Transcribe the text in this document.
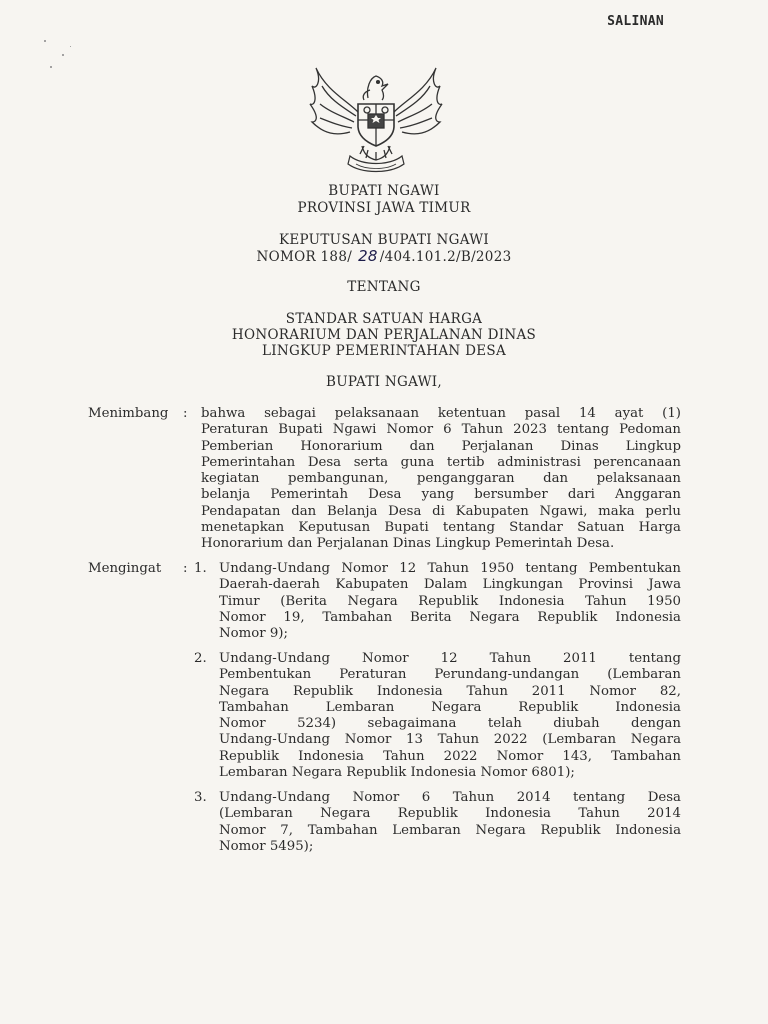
SALINAN
BUPATI NGAWI
PROVINSI JAWA TIMUR
KEPUTUSAN BUPATI NGAWI
NOMOR 188/ 28 /404.101.2/B/2023
TENTANG
STANDAR SATUAN HARGA
HONORARIUM DAN PERJALANAN DINAS
LINGKUP PEMERINTAHAN DESA
BUPATI NGAWI,
Menimbang : bahwa sebagai pelaksanaan ketentuan pasal 14 ayat (1)
Peraturan Bupati Ngawi Nomor 6 Tahun 2023 tentang Pedoman
Pemberian Honorarium dan Perjalanan Dinas Lingkup
Pemerintahan Desa serta guna tertib administrasi perencanaan
kegiatan pembangunan, penganggaran dan pelaksanaan
belanja Pemerintah Desa yang bersumber dari Anggaran
Pendapatan dan Belanja Desa di Kabupaten Ngawi, maka perlu
menetapkan Keputusan Bupati tentang Standar Satuan Harga
Honorarium dan Perjalanan Dinas Lingkup Pemerintah Desa.
Mengingat : 1. Undang-Undang Nomor 12 Tahun 1950 tentang Pembentukan
Daerah-daerah Kabupaten Dalam Lingkungan Provinsi Jawa
Timur (Berita Negara Republik Indonesia Tahun 1950
Nomor 19, Tambahan Berita Negara Republik Indonesia
Nomor 9);
2. Undang-Undang Nomor 12 Tahun 2011 tentang
Pembentukan Peraturan Perundang-undangan (Lembaran
Negara Republik Indonesia Tahun 2011 Nomor 82,
Tambahan Lembaran Negara Republik Indonesia
Nomor 5234) sebagaimana telah diubah dengan
Undang-Undang Nomor 13 Tahun 2022 (Lembaran Negara
Republik Indonesia Tahun 2022 Nomor 143, Tambahan
Lembaran Negara Republik Indonesia Nomor 6801);
3. Undang-Undang Nomor 6 Tahun 2014 tentang Desa
(Lembaran Negara Republik Indonesia Tahun 2014
Nomor 7, Tambahan Lembaran Negara Republik Indonesia
Nomor 5495);
